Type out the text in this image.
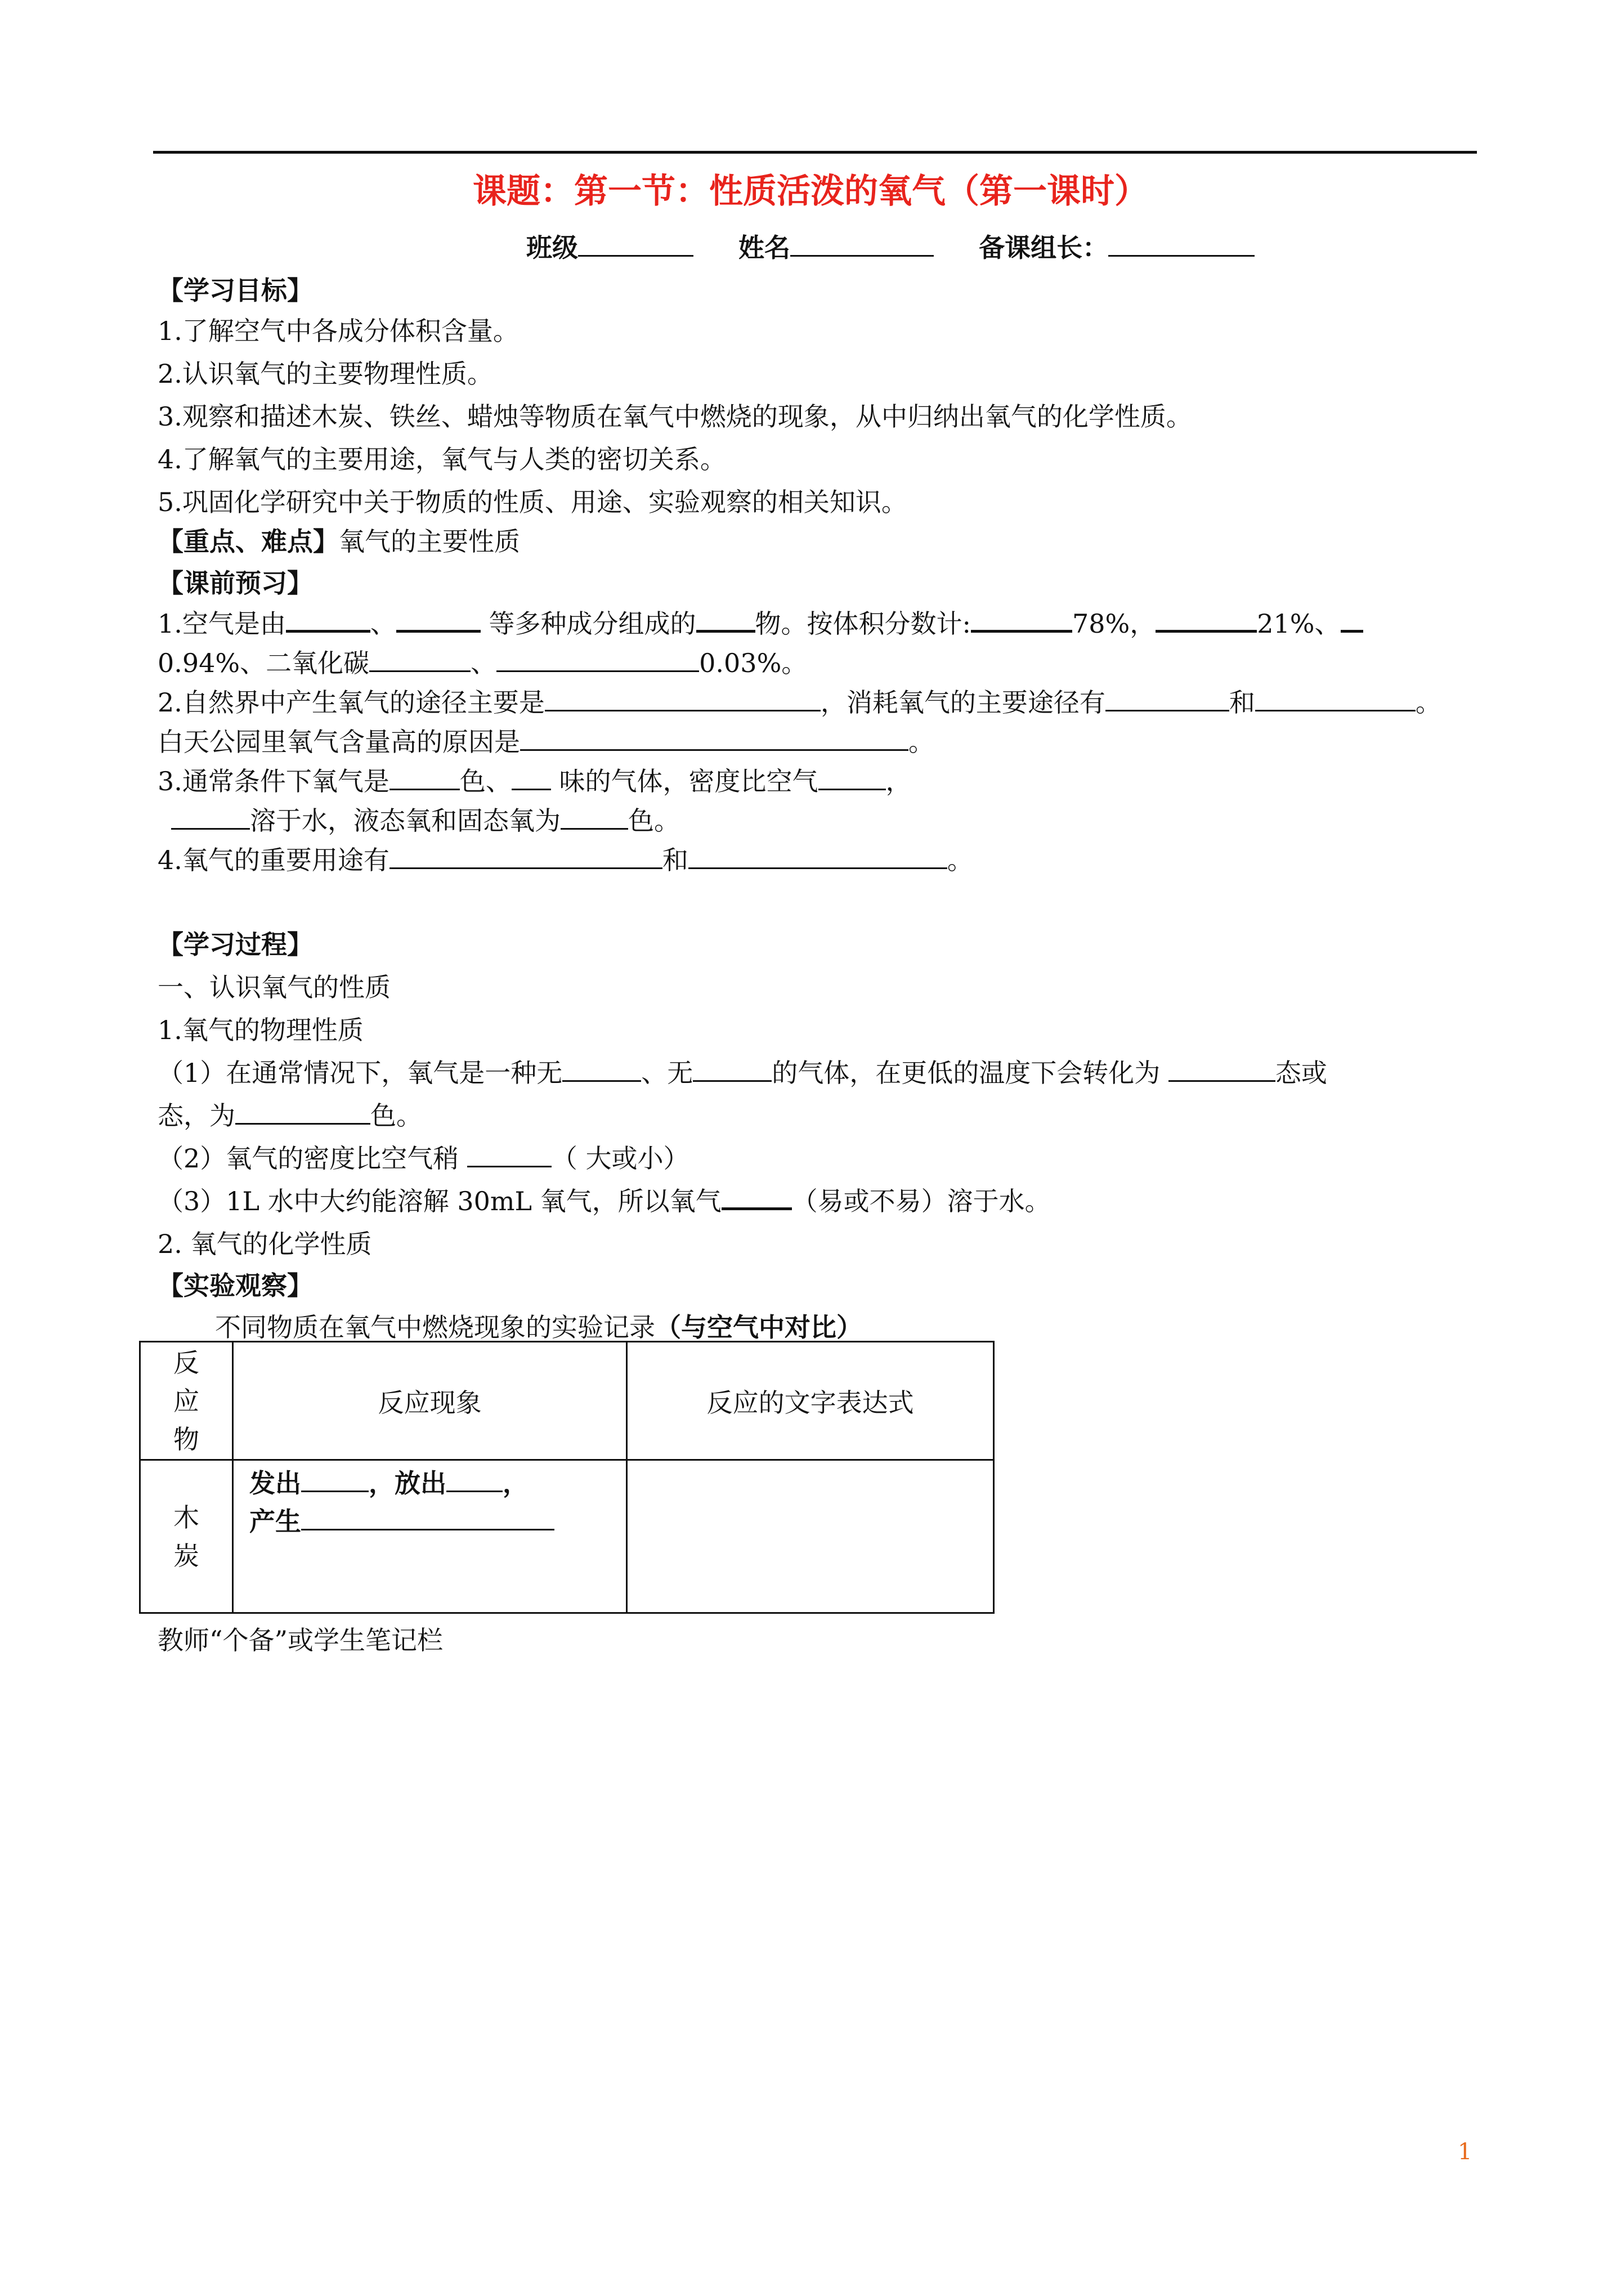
课题：第一节：性质活泼的氧气（第一课时）
班级	姓名	备课组长：
【学习目标】
1.了解空气中各成分体积含量。
2.认识氧气的主要物理性质。
3.观察和描述木炭、铁丝、蜡烛等物质在氧气中燃烧的现象，从中归纳出氧气的化学性质。
4.了解氧气的主要用途，氧气与人类的密切关系。
5.巩固化学研究中关于物质的性质、用途、实验观察的相关知识。
【重点、难点】氧气的主要性质
【课前预习】
1.空气是由	、	等多种成分组成的 物。按体积分数计:	78%，	21%、
0.94%、二氧化碳	、	0.03%。
2.自然界中产生氧气的途径主要是	，消耗氧气的主要途径有	和	。
白天公园里氧气含量高的原因是	。
3.通常条件下氧气是	色、 味的气体，密度比空气	，
溶于水，液态氧和固态氧为	色。
4.氧气的重要用途有	和	。
【学习过程】
一、认识氧气的性质
1.氧气的物理性质
（1）在通常情况下，氧气是一种无	、无	的气体，在更低的温度下会转化为	态或
态，为	色。
（2）氧气的密度比空气稍	（ 大或小）
（3）1L 水中大约能溶解 30mL 氧气，所以氧气	（易或不易）溶于水。
2. 氧气的化学性质
【实验观察】
不同物质在氧气中燃烧现象的实验记录（与空气中对比）
反应物	反应现象	反应的文字表达式
木炭	发出 ，放出 ，
产生	

教师“个备”或学生笔记栏
1
